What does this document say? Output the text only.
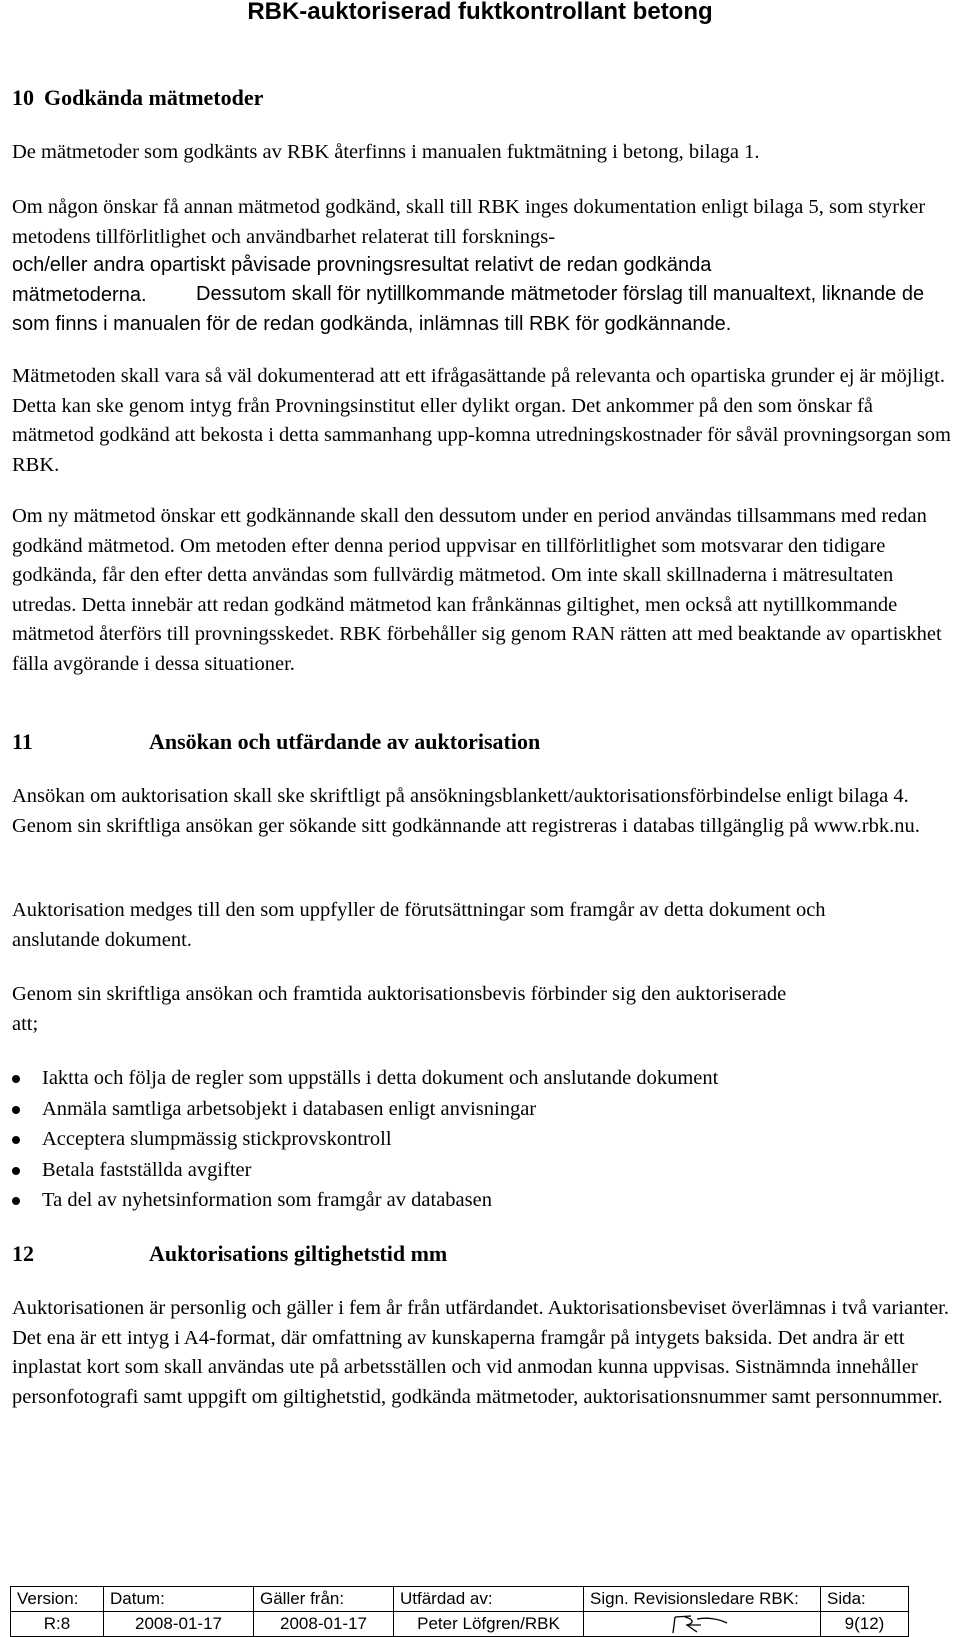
RBK-auktoriserad fuktkontrollant betong
10 Godkända mätmetoder

De mätmetoder som godkänts av RBK återfinns i manualen fuktmätning i betong, bilaga 1.

Om någon önskar få annan mätmetod godkänd, skall till RBK inges dokumentation enligt bilaga 5, som styrker metodens tillförlitlighet och användbarhet relaterat till forsknings-

och/eller andra opartiskt påvisade provningsresultat relativt de redan godkända mätmetoderna.	Dessutom skall för nytillkommande mätmetoder förslag till manualtext, liknande de som finns i manualen för de redan godkända, inlämnas till RBK för godkännande.

Mätmetoden skall vara så väl dokumenterad att ett ifrågasättande på relevanta och opartiska grunder ej är möjligt. Detta kan ske genom intyg från Provningsinstitut eller dylikt organ. Det ankommer på den som önskar få mätmetod godkänd att bekosta i detta sammanhang upp-komna utredningskostnader för såväl provningsorgan som RBK.

Om ny mätmetod önskar ett godkännande skall den dessutom under en period användas tillsammans med redan godkänd mätmetod. Om metoden efter denna period uppvisar en tillförlitlighet som motsvarar den tidigare godkända, får den efter detta användas som fullvärdig mätmetod. Om inte skall skillnaderna i mätresultaten utredas. Detta innebär att redan godkänd mätmetod kan frånkännas giltighet, men också att nytillkommande mätmetod återförs till provningsskedet. RBK förbehåller sig genom RAN rätten att med beaktande av opartiskhet fälla avgörande i dessa situationer.

11	Ansökan och utfärdande av auktorisation

Ansökan om auktorisation skall ske skriftligt på ansökningsblankett/auktorisationsförbindelse enligt bilaga 4. Genom sin skriftliga ansökan ger sökande sitt godkännande att registreras i databas tillgänglig på www.rbk.nu.

Auktorisation medges till den som uppfyller de förutsättningar som framgår av detta dokument och anslutande dokument.

Genom sin skriftliga ansökan och framtida auktorisationsbevis förbinder sig den auktoriserade att;

Iaktta och följa de regler som uppställs i detta dokument och anslutande dokument
Anmäla samtliga arbetsobjekt i databasen enligt anvisningar
Acceptera slumpmässig stickprovskontroll
Betala fastställda avgifter
Ta del av nyhetsinformation som framgår av databasen
12	Auktorisations giltighetstid mm

Auktorisationen är personlig och gäller i fem år från utfärdandet. Auktorisationsbeviset överlämnas i två varianter. Det ena är ett intyg i A4-format, där omfattning av kunskaperna framgår på intygets baksida. Det andra är ett inplastat kort som skall användas ute på arbetsställen och vid anmodan kunna uppvisas. Sistnämnda innehåller personfotografi samt uppgift om giltighetstid, godkända mätmetoder, auktorisationsnummer samt personnummer.

Version:	Datum:	Gäller från:	Utfärdad av:	Sign. Revisionsledare RBK:	Sida:
R:8	2008-01-17	2008-01-17	Peter Löfgren/RBK		9(12)
